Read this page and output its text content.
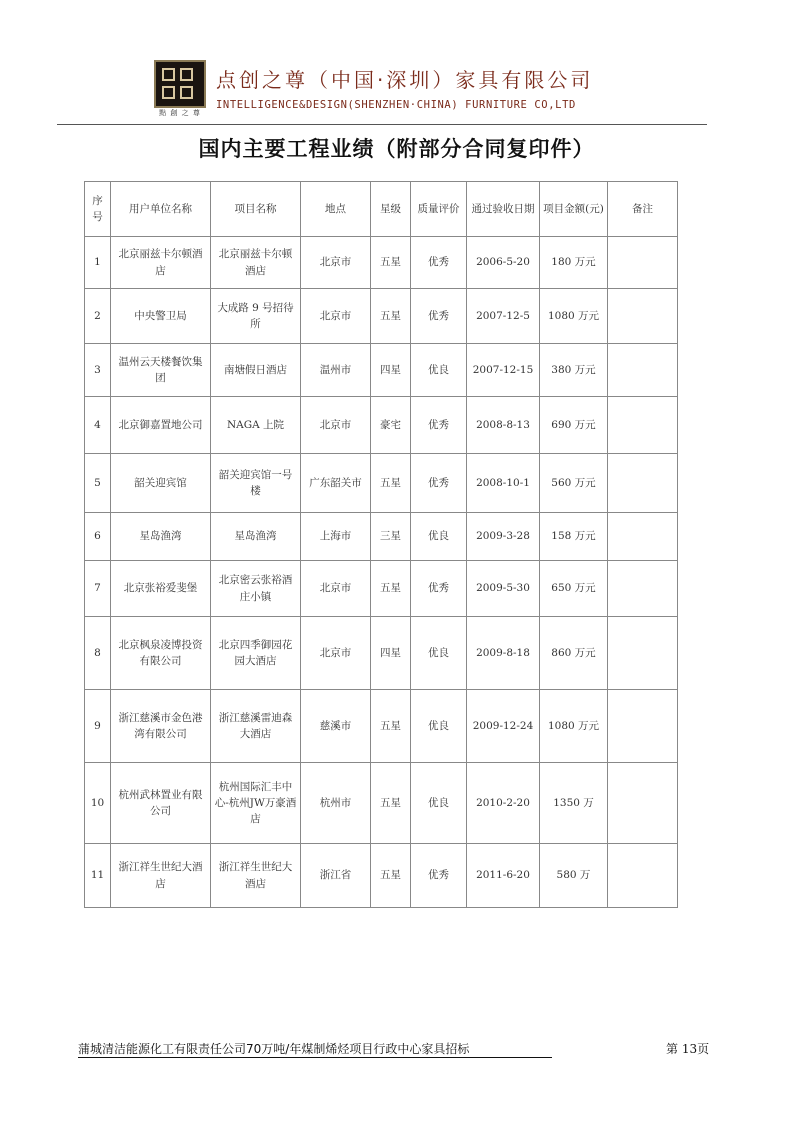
點 創 之 尊
点创之尊（中国·深圳）家具有限公司
INTELLIGENCE&DESIGN(SHENZHEN·CHINA) FURNITURE CO,LTD
国内主要工程业绩（附部分合同复印件）
序号	用户单位名称	项目名称	地点	星级	质量评价	通过验收日期	项目金额(元)	备注
1	北京丽兹卡尔顿酒店	北京丽兹卡尔顿酒店	北京市	五星	优秀	2006-5-20	180 万元	
2	中央警卫局	大成路 9 号招待所	北京市	五星	优秀	2007-12-5	1080 万元	
3	温州云天楼餐饮集团	南塘假日酒店	温州市	四星	优良	2007-12-15	380 万元	
4	北京御嘉置地公司	NAGA 上院	北京市	豪宅	优秀	2008-8-13	690 万元	
5	韶关迎宾馆	韶关迎宾馆一号楼	广东韶关市	五星	优秀	2008-10-1	560 万元	
6	星岛渔湾	星岛渔湾	上海市	三星	优良	2009-3-28	158 万元	
7	北京张裕爱斐堡	北京密云张裕酒庄小镇	北京市	五星	优秀	2009-5-30	650 万元	
8	北京枫泉凌博投资有限公司	北京四季御园花园大酒店	北京市	四星	优良	2009-8-18	860 万元	
9	浙江慈溪市金色港湾有限公司	浙江慈溪雷迪森大酒店	慈溪市	五星	优良	2009-12-24	1080 万元	
10	杭州武林置业有限公司	杭州国际汇丰中心-杭州JW万豪酒店	杭州市	五星	优良	2010-2-20	1350 万	
11	浙江祥生世纪大酒店	浙江祥生世纪大酒店	浙江省	五星	优秀	2011-6-20	580 万	
蒲城清洁能源化工有限责任公司70万吨/年煤制烯烃项目行政中心家具招标	第 13页
